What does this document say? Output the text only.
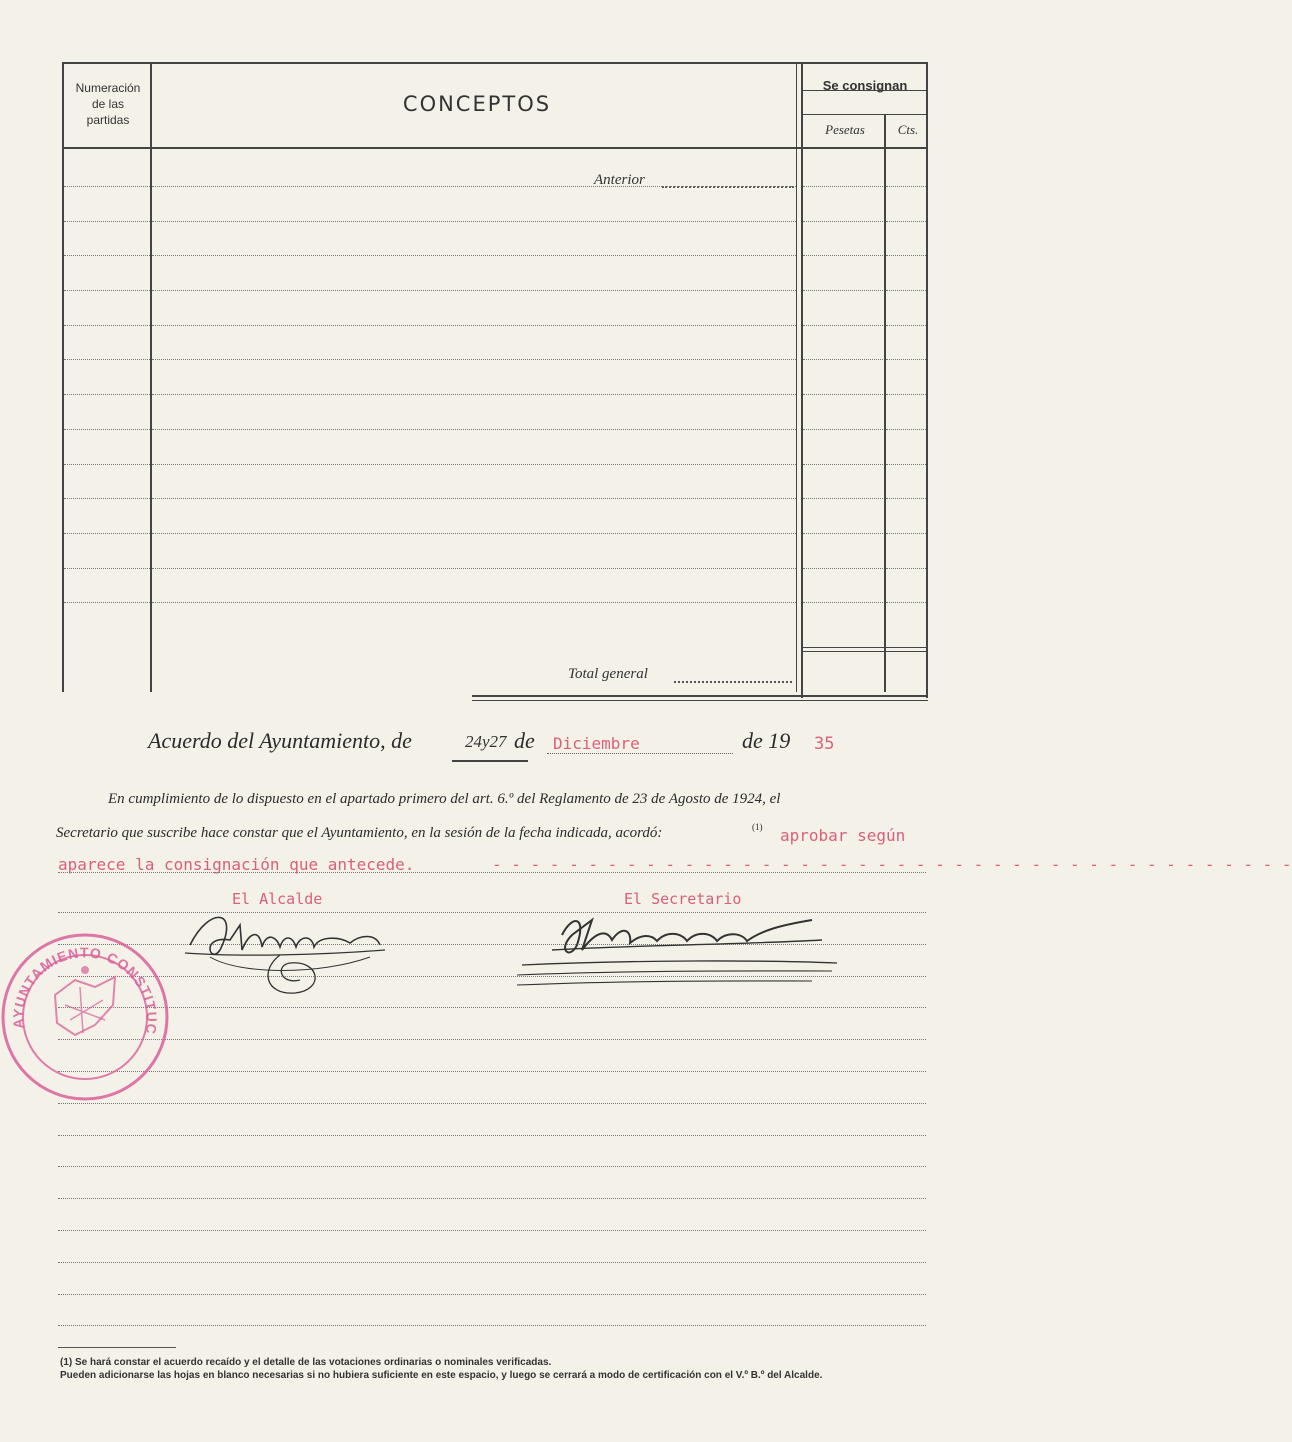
Numeración
de las
partidas
CONCEPTOS
Se consignan
Pesetas	Cts.
Anterior
Total general
Acuerdo del Ayuntamiento, de	24y27 de Diciembre	de 19 35
En cumplimiento de lo dispuesto en el apartado primero del art. 6.º del Reglamento de 23 de Agosto de 1924, el
Secretario que suscribe hace constar que el Ayuntamiento, en la sesión de la fecha indicada, acordó:	(1) aprobar según
aparece la consignación que antecede.	- - - - - - - - - - - - - - - - - - - - - - - - - - - - - - - - - - - - - - - - - -
El Alcalde	El Secretario
AYUNTAMIENTO CONSTITUC
(1) Se hará constar el acuerdo recaído y el detalle de las votaciones ordinarias o nominales verificadas.
Pueden adicionarse las hojas en blanco necesarias si no hubiera suficiente en este espacio, y luego se cerrará a modo de certificación con el V.º B.º del Alcalde.
